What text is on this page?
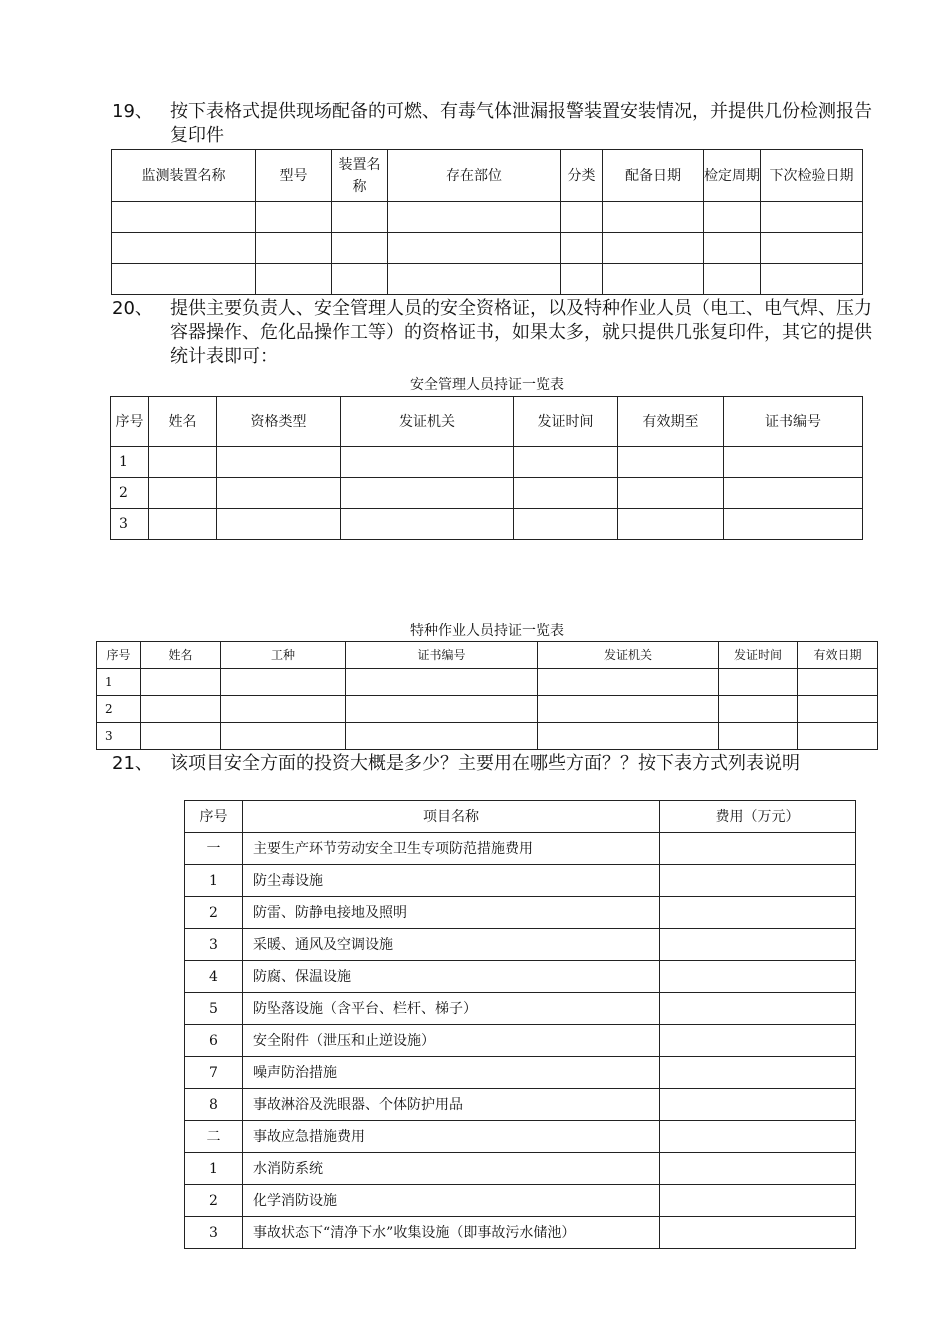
19、 按下表格式提供现场配备的可燃、有毒气体泄漏报警装置安装情况，并提供几份检测报告复印件
监测装置名称	型号	装置名称	存在部位	分类	配备日期	检定周期	下次检验日期

20、 提供主要负责人、安全管理人员的安全资格证，以及特种作业人员（电工、电气焊、压力容器操作、危化品操作工等）的资格证书，如果太多，就只提供几张复印件，其它的提供统计表即可：
安全管理人员持证一览表
序号	姓名	资格类型	发证机关	发证时间	有效期至	证书编号
1						
2						
3						
特种作业人员持证一览表
序号	姓名	工种	证书编号	发证机关	发证时间	有效日期
1						
2						
3						
21、 该项目安全方面的投资大概是多少？主要用在哪些方面？？按下表方式列表说明
序号	项目名称	费用（万元）
一	主要生产环节劳动安全卫生专项防范措施费用	
1	防尘毒设施	
2	防雷、防静电接地及照明	
3	采暖、通风及空调设施	
4	防腐、保温设施	
5	防坠落设施（含平台、栏杆、梯子）	
6	安全附件（泄压和止逆设施）	
7	噪声防治措施	
8	事故淋浴及洗眼器、个体防护用品	
二	事故应急措施费用	
1	水消防系统	
2	化学消防设施	
3	事故状态下“清净下水”收集设施（即事故污水储池）	
